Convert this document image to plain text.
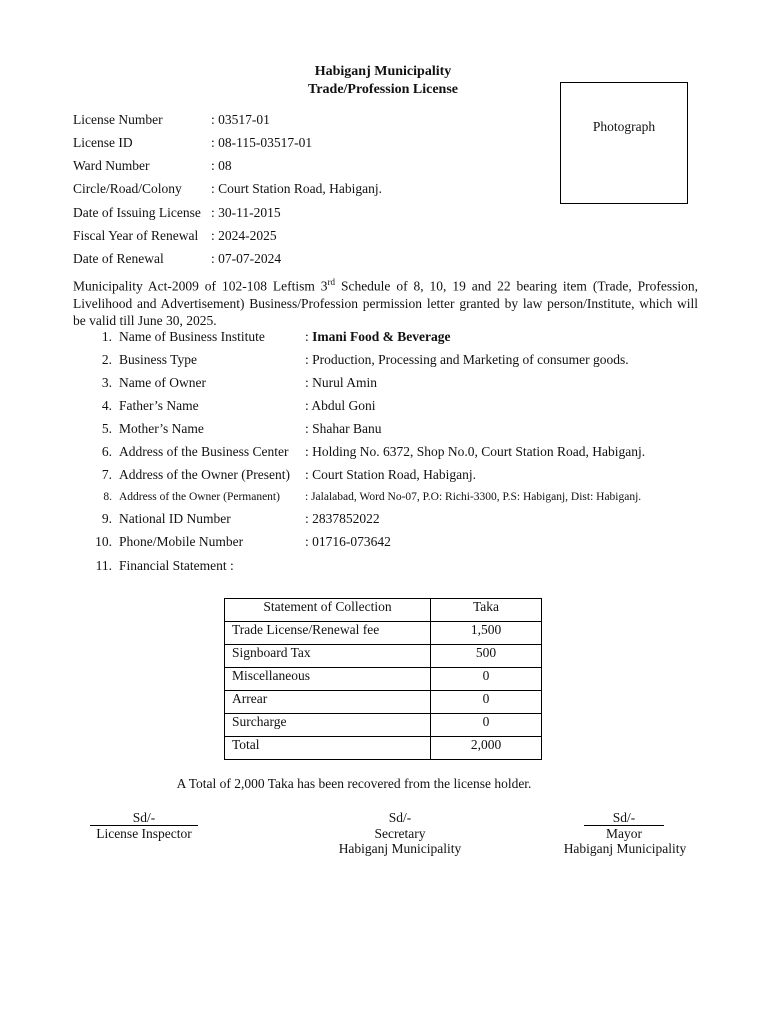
Habiganj Municipality
Trade/Profession License
Photograph
License Number	: 03517-01
License ID	: 08-115-03517-01
Ward Number	: 08
Circle/Road/Colony : Court Station Road, Habiganj.
Date of Issuing License : 30-11-2015
Fiscal Year of Renewal : 2024-2025
Date of Renewal	: 07-07-2024
Municipality Act-2009 of 102-108 Leftism 3rd Schedule of 8, 10, 19 and 22 bearing item (Trade, Profession, Livelihood and Advertisement) Business/Profession permission letter granted by law person/Institute, which will be valid till June 30, 2025.
1. Name of Business Institute	: Imani Food & Beverage
2. Business Type	: Production, Processing and Marketing of consumer goods.
3. Name of Owner	: Nurul Amin
4. Father’s Name	: Abdul Goni
5. Mother’s Name	: Shahar Banu
6. Address of the Business Center : Holding No. 6372, Shop No.0, Court Station Road, Habiganj.
7. Address of the Owner (Present) : Court Station Road, Habiganj.
8. Address of the Owner (Permanent) : Jalalabad, Word No-07, P.O: Richi-3300, P.S: Habiganj, Dist: Habiganj.
9. National ID Number	: 2837852022
10. Phone/Mobile Number	: 01716-073642
11. Financial Statement :
Statement of Collection	Taka
Trade License/Renewal fee	1,500
Signboard Tax	500
Miscellaneous	0
Arrear	0
Surcharge	0
Total	2,000
A Total of 2,000 Taka has been recovered from the license holder.
Sd/-
License Inspector
Sd/-
Secretary
Habiganj Municipality
Sd/-
Mayor
Habiganj Municipality
